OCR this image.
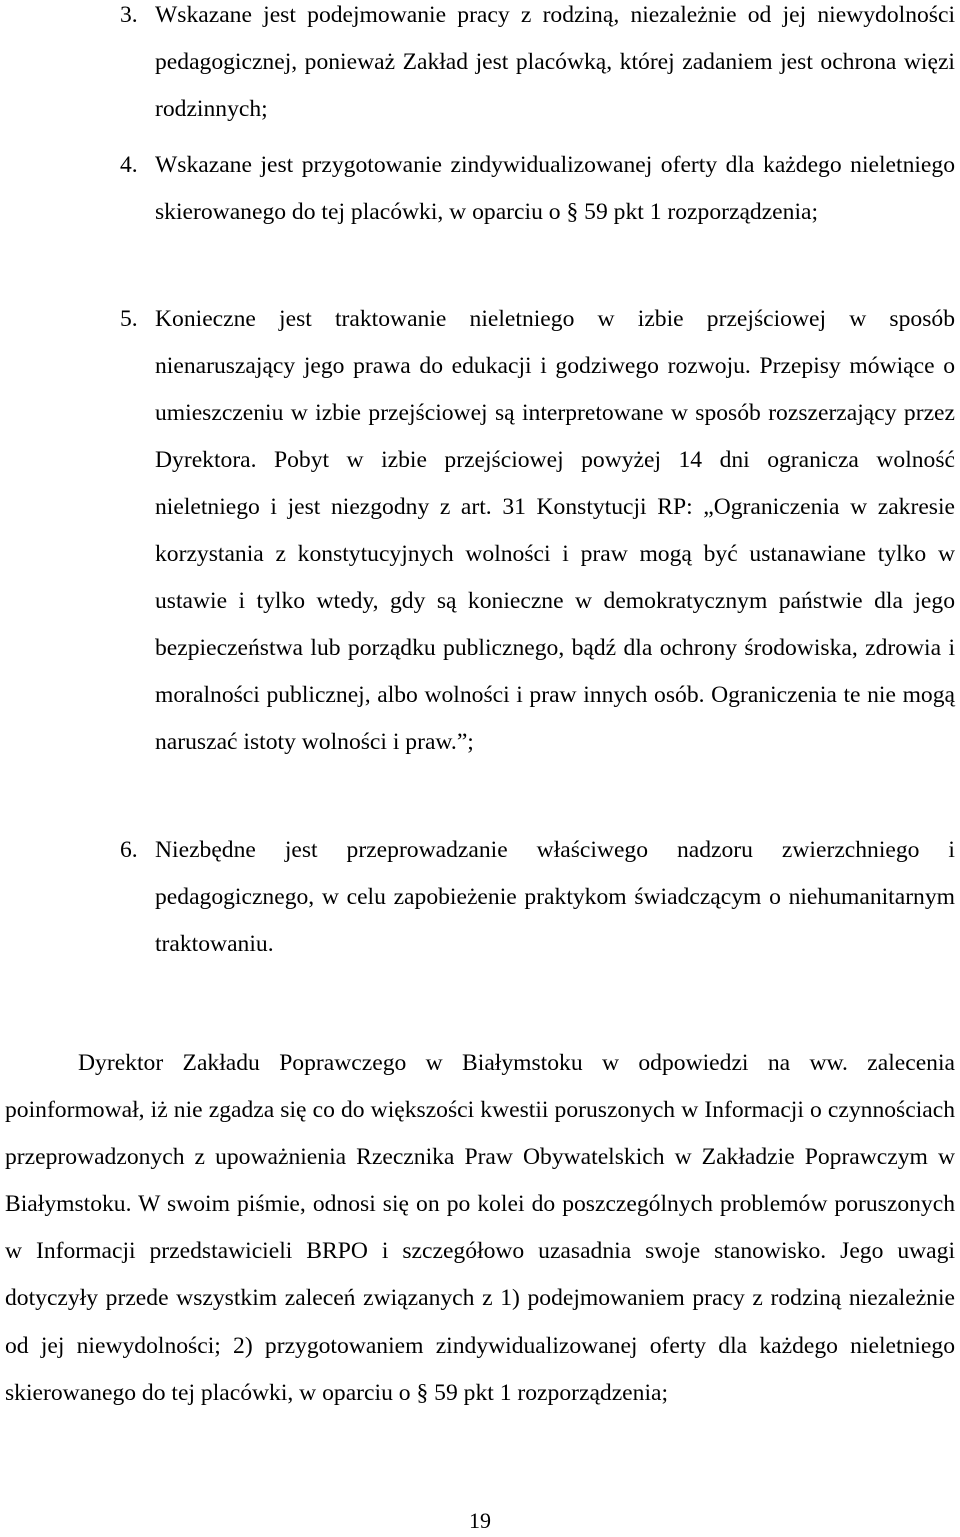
3. Wskazane jest podejmowanie pracy z rodziną, niezależnie od jej niewydolności pedagogicznej, ponieważ Zakład jest placówką, której zadaniem jest ochrona więzi rodzinnych;

4. Wskazane jest przygotowanie zindywidualizowanej oferty dla każdego nieletniego skierowanego do tej placówki, w oparciu o § 59 pkt 1 rozporządzenia;

5. Konieczne jest traktowanie nieletniego w izbie przejściowej w sposób nienaruszający jego prawa do edukacji i godziwego rozwoju. Przepisy mówiące o umieszczeniu w izbie przejściowej są interpretowane w sposób rozszerzający przez Dyrektora. Pobyt w izbie przejściowej powyżej 14 dni ogranicza wolność nieletniego i jest niezgodny z art. 31 Konstytucji RP: „Ograniczenia w zakresie korzystania z konstytucyjnych wolności i praw mogą być ustanawiane tylko w ustawie i tylko wtedy, gdy są konieczne w demokratycznym państwie dla jego bezpieczeństwa lub porządku publicznego, bądź dla ochrony środowiska, zdrowia i moralności publicznej, albo wolności i praw innych osób. Ograniczenia te nie mogą naruszać istoty wolności i praw.”;

6. Niezbędne jest przeprowadzanie właściwego nadzoru zwierzchniego i pedagogicznego, w celu zapobieżenie praktykom świadczącym o niehumanitarnym traktowaniu.

Dyrektor Zakładu Poprawczego w Białymstoku w odpowiedzi na ww. zalecenia poinformował, iż nie zgadza się co do większości kwestii poruszonych w Informacji o czynnościach przeprowadzonych z upoważnienia Rzecznika Praw Obywatelskich w Zakładzie Poprawczym w Białymstoku. W swoim piśmie, odnosi się on po kolei do poszczególnych problemów poruszonych w Informacji przedstawicieli BRPO i szczegółowo uzasadnia swoje stanowisko. Jego uwagi dotyczyły przede wszystkim zaleceń związanych z 1) podejmowaniem pracy z rodziną niezależnie od jej niewydolności; 2) przygotowaniem zindywidualizowanej oferty dla każdego nieletniego skierowanego do tej placówki, w oparciu o § 59 pkt 1 rozporządzenia;

19
